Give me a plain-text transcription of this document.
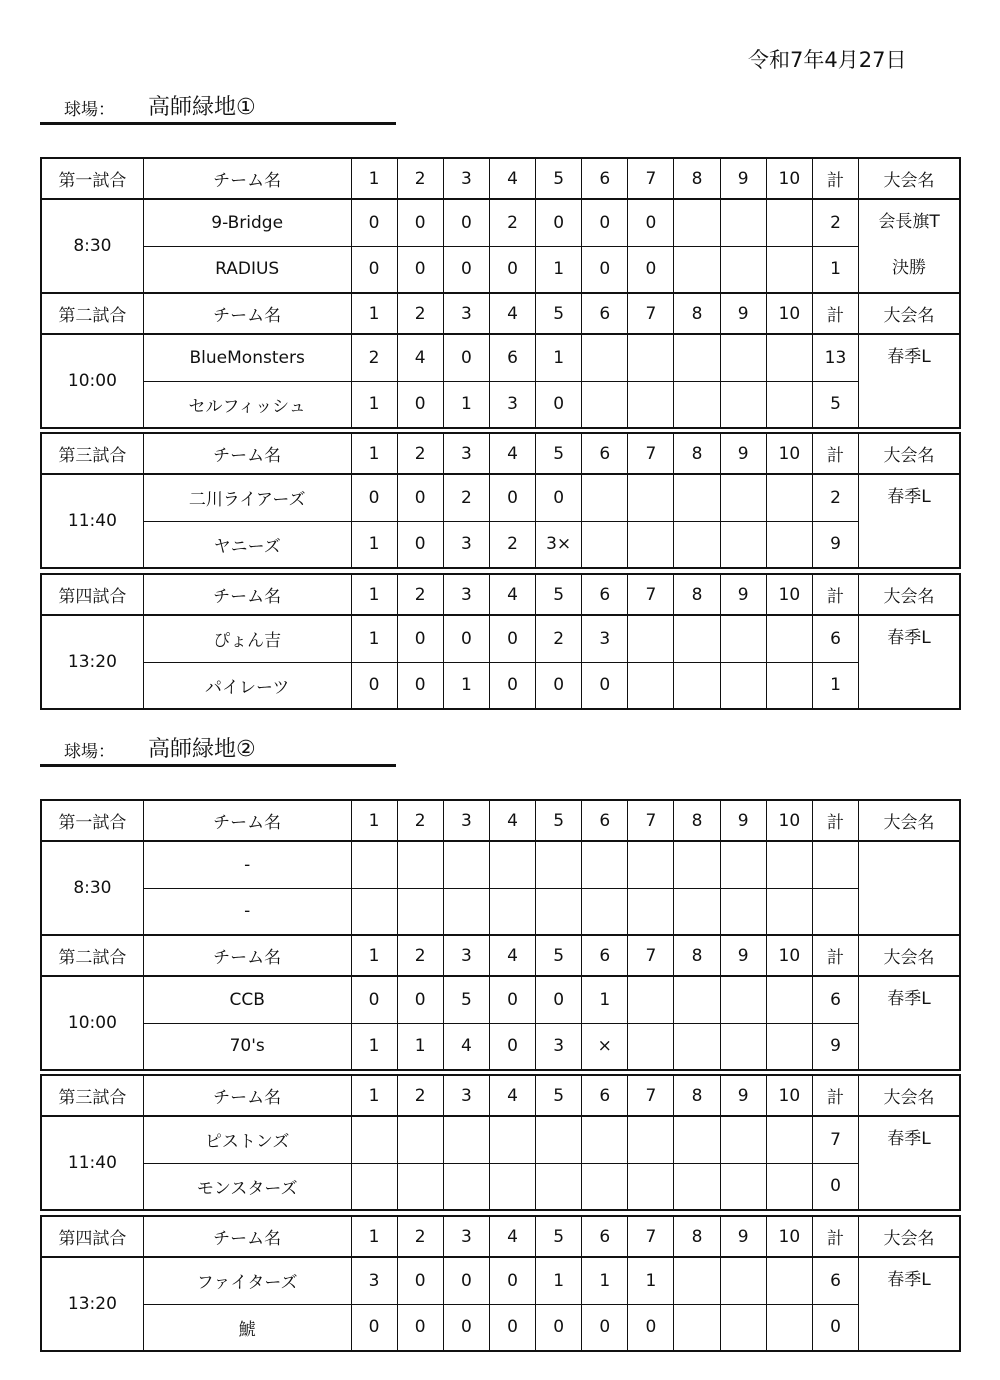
令和7年4月27日
球場： 高師緑地①
第一試合	チーム名	1	2	3	4	5	6	7	8	9	10	計	大会名
8:30	9-Bridge	0	0	0	2	0	0	0				2	会長旗T
	RADIUS	0	0	0	0	1	0	0				1	決勝
第二試合	チーム名	1	2	3	4	5	6	7	8	9	10	計	大会名
10:00	BlueMonsters	2	4	0	6	1						13	春季L
	セルフィッシュ	1	0	1	3	0						5	
第三試合	チーム名	1	2	3	4	5	6	7	8	9	10	計	大会名
11:40	二川ライアーズ	0	0	2	0	0						2	春季L
	ヤニーズ	1	0	3	2	3×						9	
第四試合	チーム名	1	2	3	4	5	6	7	8	9	10	計	大会名
13:20	ぴょん吉	1	0	0	0	2	3					6	春季L
	パイレーツ	0	0	1	0	0	0					1	
球場： 高師緑地②
第一試合	チーム名	1	2	3	4	5	6	7	8	9	10	計	大会名
8:30	-												
	-												
第二試合	チーム名	1	2	3	4	5	6	7	8	9	10	計	大会名
10:00	CCB	0	0	5	0	0	1					6	春季L
	70's	1	1	4	0	3	×					9	
第三試合	チーム名	1	2	3	4	5	6	7	8	9	10	計	大会名
11:40	ピストンズ											7	春季L
	モンスターズ											0	
第四試合	チーム名	1	2	3	4	5	6	7	8	9	10	計	大会名
13:20	ファイターズ	3	0	0	0	1	1	1				6	春季L
	鯱	0	0	0	0	0	0	0				0	
